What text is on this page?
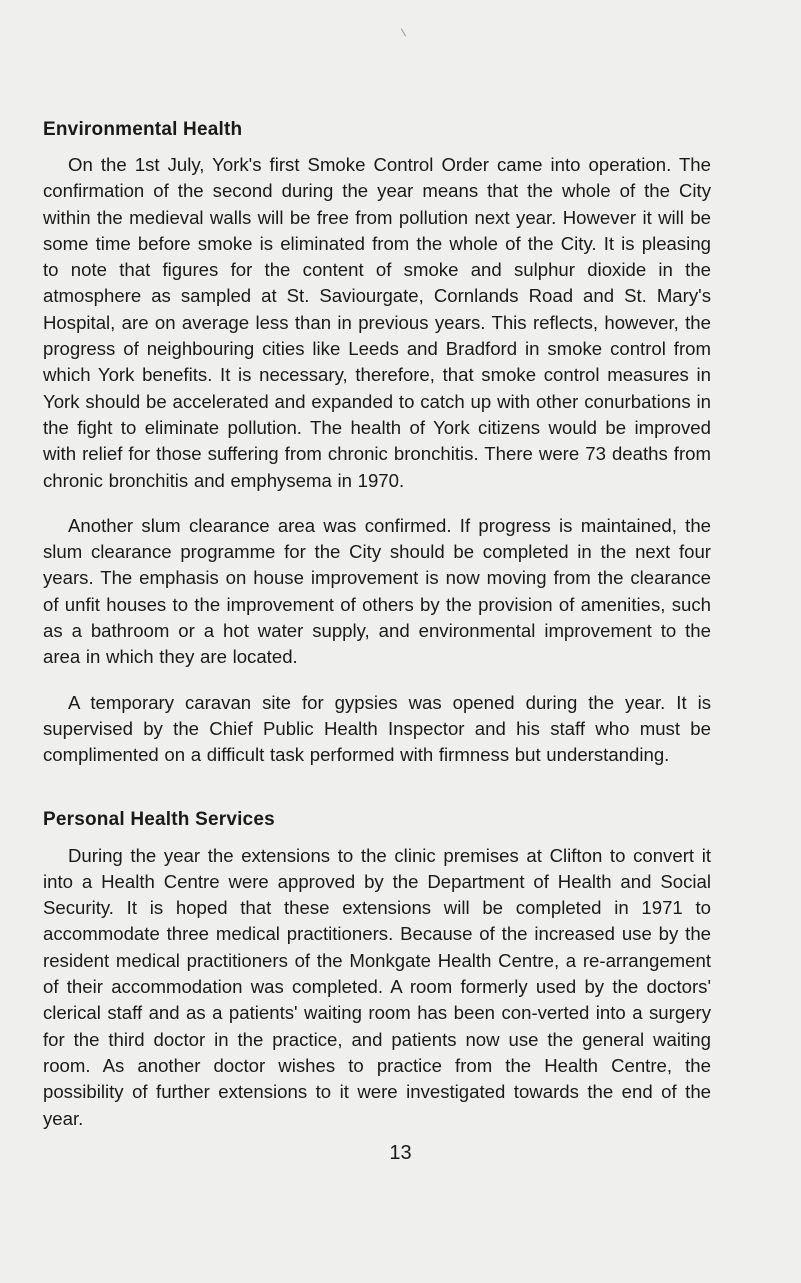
Environmental Health

On the 1st July, York's first Smoke Control Order came into operation. The confirmation of the second during the year means that the whole of the City within the medieval walls will be free from pollution next year. However it will be some time before smoke is eliminated from the whole of the City. It is pleasing to note that figures for the content of smoke and sulphur dioxide in the atmosphere as sampled at St. Saviourgate, Cornlands Road and St. Mary's Hospital, are on average less than in previous years. This reflects, however, the progress of neighbouring cities like Leeds and Bradford in smoke control from which York benefits. It is necessary, therefore, that smoke control measures in York should be accelerated and expanded to catch up with other conurbations in the fight to eliminate pollution. The health of York citizens would be improved with relief for those suffering from chronic bronchitis. There were 73 deaths from chronic bronchitis and emphysema in 1970.

Another slum clearance area was confirmed. If progress is maintained, the slum clearance programme for the City should be completed in the next four years. The emphasis on house improvement is now moving from the clearance of unfit houses to the improvement of others by the provision of amenities, such as a bathroom or a hot water supply, and environmental improvement to the area in which they are located.

A temporary caravan site for gypsies was opened during the year. It is supervised by the Chief Public Health Inspector and his staff who must be complimented on a difficult task performed with firmness but understanding.

Personal Health Services

During the year the extensions to the clinic premises at Clifton to convert it into a Health Centre were approved by the Department of Health and Social Security. It is hoped that these extensions will be completed in 1971 to accommodate three medical practitioners. Because of the increased use by the resident medical practitioners of the Monkgate Health Centre, a re-arrangement of their accommodation was completed. A room formerly used by the doctors' clerical staff and as a patients' waiting room has been con-verted into a surgery for the third doctor in the practice, and patients now use the general waiting room. As another doctor wishes to practice from the Health Centre, the possibility of further extensions to it were investigated towards the end of the year.

13
